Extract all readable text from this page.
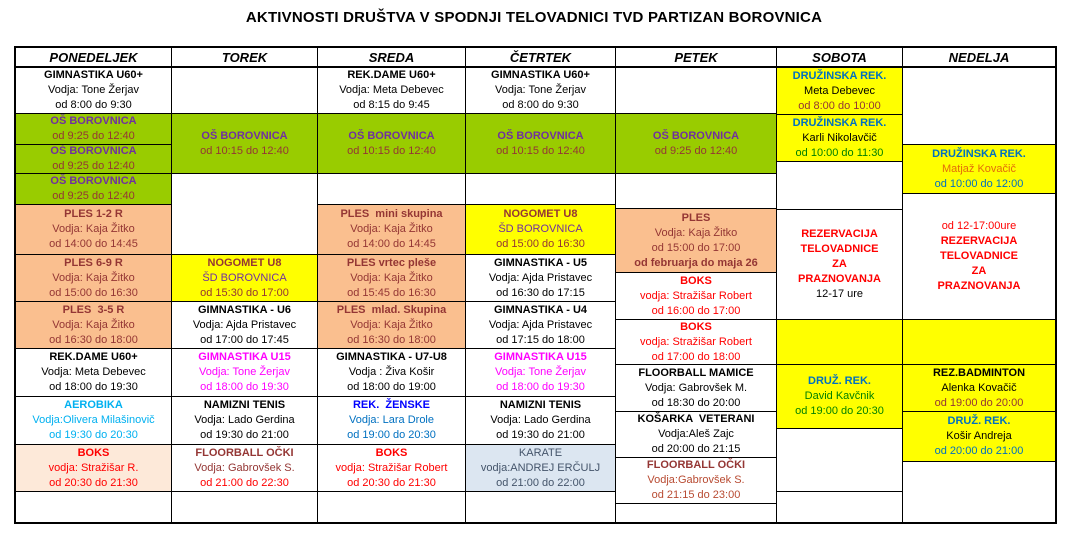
AKTIVNOSTI DRUŠTVA V SPODNJI TELOVADNICI TVD PARTIZAN BOROVNICA
PONEDELJEK
GIMNASTIKA U60+
Vodja: Tone Žerjav
od 8:00 do 9:30
OŠ BOROVNICA
od 9:25 do 12:40
OŠ BOROVNICA
od 9:25 do 12:40
OŠ BOROVNICA
od 9:25 do 12:40
PLES 1-2 R
Vodja: Kaja Žitko
od 14:00 do 14:45
PLES 6-9 R
Vodja: Kaja Žitko
od 15:00 do 16:30
PLES  3-5 R
Vodja: Kaja Žitko
od 16:30 do 18:00
REK.DAME U60+
Vodja: Meta Debevec
od 18:00 do 19:30
AEROBIKA
Vodja:Olivera Milašinovič
od 19:30 do 20:30
BOKS
vodja: Stražišar R.
od 20:30 do 21:30
TOREK
OŠ BOROVNICA
od 10:15 do 12:40
NOGOMET U8
ŠD BOROVNICA
od 15:30 do 17:00
GIMNASTIKA - U6
Vodja: Ajda Pristavec
od 17:00 do 17:45
GIMNASTIKA U15
Vodja: Tone Žerjav
od 18:00 do 19:30
NAMIZNI TENIS
Vodja: Lado Gerdina
od 19:30 do 21:00
FLOORBALL OČKI
Vodja: Gabrovšek S.
od 21:00 do 22:30
SREDA
REK.DAME U60+
Vodja: Meta Debevec
od 8:15 do 9:45
OŠ BOROVNICA
od 10:15 do 12:40
PLES  mini skupina
Vodja: Kaja Žitko
od 14:00 do 14:45
PLES vrtec pleše
Vodja: Kaja Žitko
od 15:45 do 16:30
PLES  mlad. Skupina
Vodja: Kaja Žitko
od 16:30 do 18:00
GIMNASTIKA - U7-U8
Vodja : Živa Košir
od 18:00 do 19:00
REK.  ŽENSKE
Vodja: Lara Drole
od 19:00 do 20:30
BOKS
vodja: Stražišar Robert
od 20:30 do 21:30
ČETRTEK
GIMNASTIKA U60+
Vodja: Tone Žerjav
od 8:00 do 9:30
OŠ BOROVNICA
od 10:15 do 12:40
NOGOMET U8
ŠD BOROVNICA
od 15:00 do 16:30
GIMNASTIKA - U5
Vodja: Ajda Pristavec
od 16:30 do 17:15
GIMNASTIKA - U4
Vodja: Ajda Pristavec
od 17:15 do 18:00
GIMNASTIKA U15
Vodja: Tone Žerjav
od 18:00 do 19:30
NAMIZNI TENIS
Vodja: Lado Gerdina
od 19:30 do 21:00
KARATE
vodja:ANDREJ ERČULJ
od 21:00 do 22:00
PETEK
OŠ BOROVNICA
od 9:25 do 12:40
PLES
Vodja: Kaja Žitko
od 15:00 do 17:00
od februarja do maja 26
BOKS
vodja: Stražišar Robert
od 16:00 do 17:00
BOKS
vodja: Stražišar Robert
od 17:00 do 18:00
FLOORBALL MAMICE
Vodja: Gabrovšek M.
od 18:30 do 20:00
KOŠARKA  VETERANI
Vodja:Aleš Zajc
od 20:00 do 21:15
FLOORBALL OČKI
Vodja:Gabrovšek S.
od 21:15 do 23:00
SOBOTA
DRUŽINSKA REK.
Meta Debevec
od 8:00 do 10:00
DRUŽINSKA REK.
Karli Nikolavčič
od 10:00 do 11:30
REZERVACIJA
TELOVADNICE
ZA
PRAZNOVANJA
12-17 ure
DRUŽ. REK.
David Kavčnik
od 19:00 do 20:30
NEDELJA
DRUŽINSKA REK.
Matjaž Kovačič
od 10:00 do 12:00
od 12-17:00ure
REZERVACIJA
TELOVADNICE
ZA
PRAZNOVANJA
REZ.BADMINTON
Alenka Kovačič
od 19:00 do 20:00
DRUŽ. REK.
Košir Andreja
od 20:00 do 21:00
